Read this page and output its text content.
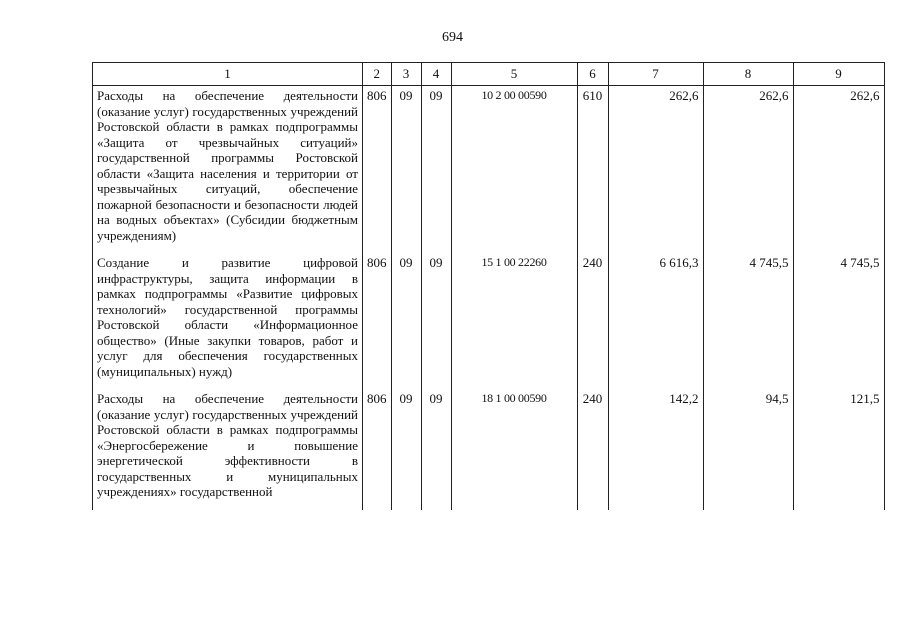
694
1	2	3	4	5	6	7	8	9
Расходы на обеспечение деятельности (оказание услуг) государственных учреждений Ростовской области в рамках подпрограммы «Защита от чрезвычайных ситуаций» государственной программы Ростовской области «Защита населения и территории от чрезвычайных ситуаций, обеспечение пожарной безопасности и безопасности людей на водных объектах» (Субсидии бюджетным учреждениям)	806	09	09	10 2 00 00590	610	262,6	262,6	262,6
Создание и развитие цифровой инфраструктуры, защита информации в рамках подпрограммы «Развитие цифровых технологий» государственной программы Ростовской области «Информационное общество» (Иные закупки товаров, работ и услуг для обеспечения государственных (муниципальных) нужд)	806	09	09	15 1 00 22260	240	6 616,3	4 745,5	4 745,5
Расходы на обеспечение деятельности (оказание услуг) государственных учреждений Ростовской области в рамках подпрограммы «Энергосбережение и повышение энергетической эффективности в государственных и муниципальных учреждениях» государственной	806	09	09	18 1 00 00590	240	142,2	94,5	121,5
